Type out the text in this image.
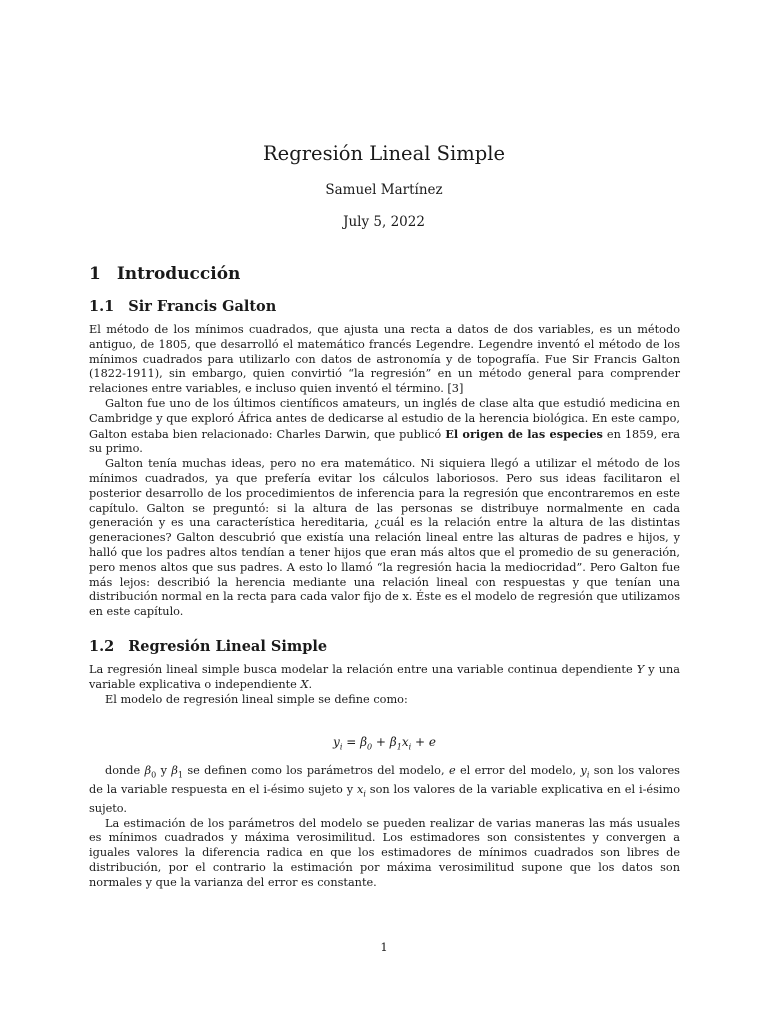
Regresión Lineal Simple
Samuel Martínez
July 5, 2022
1 Introducción
1.1 Sir Francis Galton

El método de los mínimos cuadrados, que ajusta una recta a datos de dos variables, es un método antiguo, de 1805, que desarrolló el matemático francés Legendre. Legendre inventó el método de los mínimos cuadrados para utilizarlo con datos de astronomía y de topografía. Fue Sir Francis Galton (1822-1911), sin embargo, quien convirtió “la regresión” en un método general para comprender relaciones entre variables, e incluso quien inventó el término. [3]

Galton fue uno de los últimos científicos amateurs, un inglés de clase alta que estudió medicina en Cambridge y que exploró África antes de dedicarse al estudio de la herencia biológica. En este campo, Galton estaba bien relacionado: Charles Darwin, que publicó El origen de las especies en 1859, era su primo.

Galton tenía muchas ideas, pero no era matemático. Ni siquiera llegó a utilizar el método de los mínimos cuadrados, ya que prefería evitar los cálculos laboriosos. Pero sus ideas facilitaron el posterior desarrollo de los procedimientos de inferencia para la regresión que encontraremos en este capítulo. Galton se preguntó: si la altura de las personas se distribuye normalmente en cada generación y es una característica hereditaria, ¿cuál es la relación entre la altura de las distintas generaciones? Galton descubrió que existía una relación lineal entre las alturas de padres e hijos, y halló que los padres altos tendían a tener hijos que eran más altos que el promedio de su generación, pero menos altos que sus padres. A esto lo llamó “la regresión hacia la mediocridad”. Pero Galton fue más lejos: describió la herencia mediante una relación lineal con respuestas y que tenían una distribución normal en la recta para cada valor fijo de x. Éste es el modelo de regresión que utilizamos en este capítulo.

1.2 Regresión Lineal Simple

La regresión lineal simple busca modelar la relación entre una variable continua dependiente Y y una variable explicativa o independiente X.

El modelo de regresión lineal simple se define como:

$y_i = \beta_0 + \beta_1x_i + e$

donde $\beta_0$ y $\beta_1$ se definen como los parámetros del modelo, e el error del modelo, $y_i$ son los valores de la variable respuesta en el i-ésimo sujeto y $x_i$ son los valores de la variable explicativa en el i-ésimo sujeto.

La estimación de los parámetros del modelo se pueden realizar de varias maneras las más usuales es mínimos cuadrados y máxima verosimilitud. Los estimadores son consistentes y convergen a iguales valores la diferencia radica en que los estimadores de mínimos cuadrados son libres de distribución, por el contrario la estimación por máxima verosimilitud supone que los datos son normales y que la varianza del error es constante.

1
